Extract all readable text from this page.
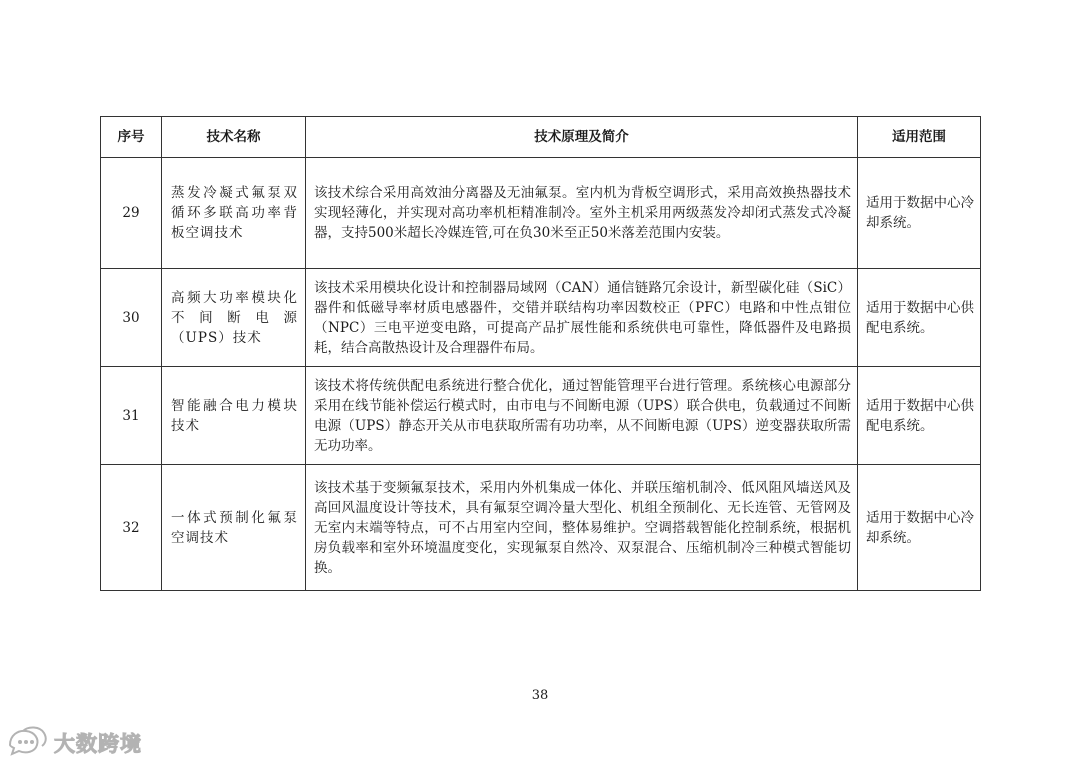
序号	技术名称	技术原理及简介	适用范围
29	蒸发冷凝式氟泵双循环多联高功率背板空调技术	该技术综合采用高效油分离器及无油氟泵。室内机为背板空调形式，采用高效换热器技术实现轻薄化，并实现对高功率机柜精准制冷。室外主机采用两级蒸发冷却闭式蒸发式冷凝器，支持500米超长冷媒连管,可在负30米至正50米落差范围内安装。	适用于数据中心冷却系统。
30	高频大功率模块化不间断电源（UPS）技术	该技术采用模块化设计和控制器局域网（CAN）通信链路冗余设计，新型碳化硅（SiC）器件和低磁导率材质电感器件，交错并联结构功率因数校正（PFC）电路和中性点钳位（NPC）三电平逆变电路，可提高产品扩展性能和系统供电可靠性，降低器件及电路损耗，结合高散热设计及合理器件布局。	适用于数据中心供配电系统。
31	智能融合电力模块技术	该技术将传统供配电系统进行整合优化，通过智能管理平台进行管理。系统核心电源部分采用在线节能补偿运行模式时，由市电与不间断电源（UPS）联合供电，负载通过不间断电源（UPS）静态开关从市电获取所需有功功率，从不间断电源（UPS）逆变器获取所需无功功率。	适用于数据中心供配电系统。
32	一体式预制化氟泵空调技术	该技术基于变频氟泵技术，采用内外机集成一体化、并联压缩机制冷、低风阻风墙送风及高回风温度设计等技术，具有氟泵空调冷量大型化、机组全预制化、无长连管、无管网及无室内末端等特点，可不占用室内空间，整体易维护。空调搭载智能化控制系统，根据机房负载率和室外环境温度变化，实现氟泵自然冷、双泵混合、压缩机制冷三种模式智能切换。	适用于数据中心冷却系统。
38
大数跨境
